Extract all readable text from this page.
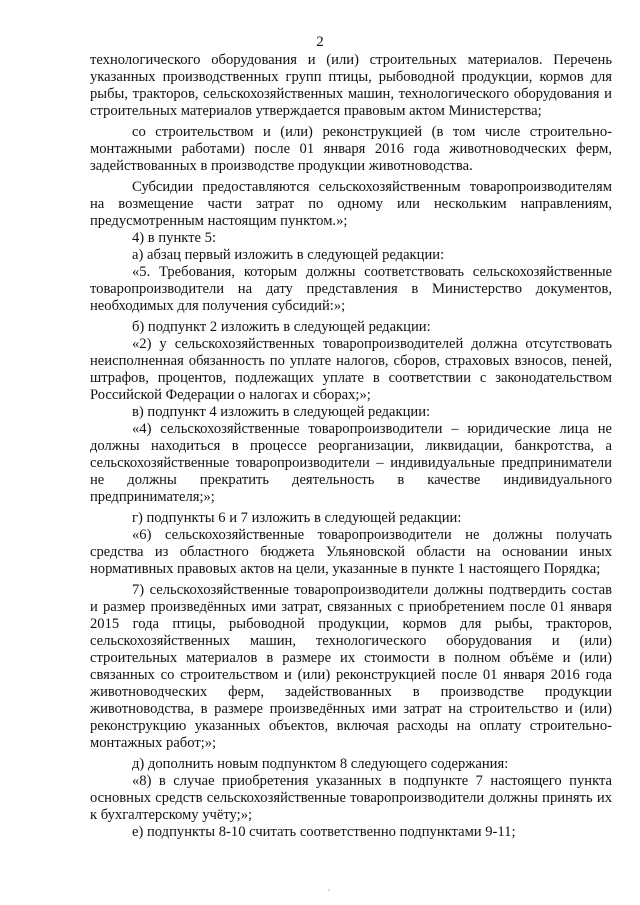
2

технологического оборудования и (или) строительных материалов. Перечень указанных производственных групп птицы, рыбоводной продукции, кормов для рыбы, тракторов, сельскохозяйственных машин, технологического оборудования и строительных материалов утверждается правовым актом Министерства;

со строительством и (или) реконструкцией (в том числе строительно-монтажными работами) после 01 января 2016 года животноводческих ферм, задействованных в производстве продукции животноводства.

Субсидии предоставляются сельскохозяйственным товаропроизводителям на возмещение части затрат по одному или нескольким направлениям, предусмотренным настоящим пунктом.»;

4) в пункте 5:

а) абзац первый изложить в следующей редакции:

«5. Требования, которым должны соответствовать сельскохозяйственные товаропроизводители на дату представления в Министерство документов, необходимых для получения субсидий:»;

б) подпункт 2 изложить в следующей редакции:

«2) у сельскохозяйственных товаропроизводителей должна отсутствовать неисполненная обязанность по уплате налогов, сборов, страховых взносов, пеней, штрафов, процентов, подлежащих уплате в соответствии с законодательством Российской Федерации о налогах и сборах;»;

в) подпункт 4 изложить в следующей редакции:

«4) сельскохозяйственные товаропроизводители – юридические лица не должны находиться в процессе реорганизации, ликвидации, банкротства, а сельскохозяйственные товаропроизводители – индивидуальные предприниматели не должны прекратить деятельность в качестве индивидуального предпринимателя;»;

г) подпункты 6 и 7 изложить в следующей редакции:

«6) сельскохозяйственные товаропроизводители не должны получать средства из областного бюджета Ульяновской области на основании иных нормативных правовых актов на цели, указанные в пункте 1 настоящего Порядка;

7) сельскохозяйственные товаропроизводители должны подтвердить состав и размер произведённых ими затрат, связанных с приобретением после 01 января 2015 года птицы, рыбоводной продукции, кормов для рыбы, тракторов, сельскохозяйственных машин, технологического оборудования и (или) строительных материалов в размере их стоимости в полном объёме и (или) связанных со строительством и (или) реконструкцией после 01 января 2016 года животноводческих ферм, задействованных в производстве продукции животноводства, в размере произведённых ими затрат на строительство и (или) реконструкцию указанных объектов, включая расходы на оплату строительно-монтажных работ;»;

д) дополнить новым подпунктом 8 следующего содержания:

«8) в случае приобретения указанных в подпункте 7 настоящего пункта основных средств сельскохозяйственные товаропроизводители должны принять их к бухгалтерскому учёту;»;

е) подпункты 8-10 считать соответственно подпунктами 9-11;
